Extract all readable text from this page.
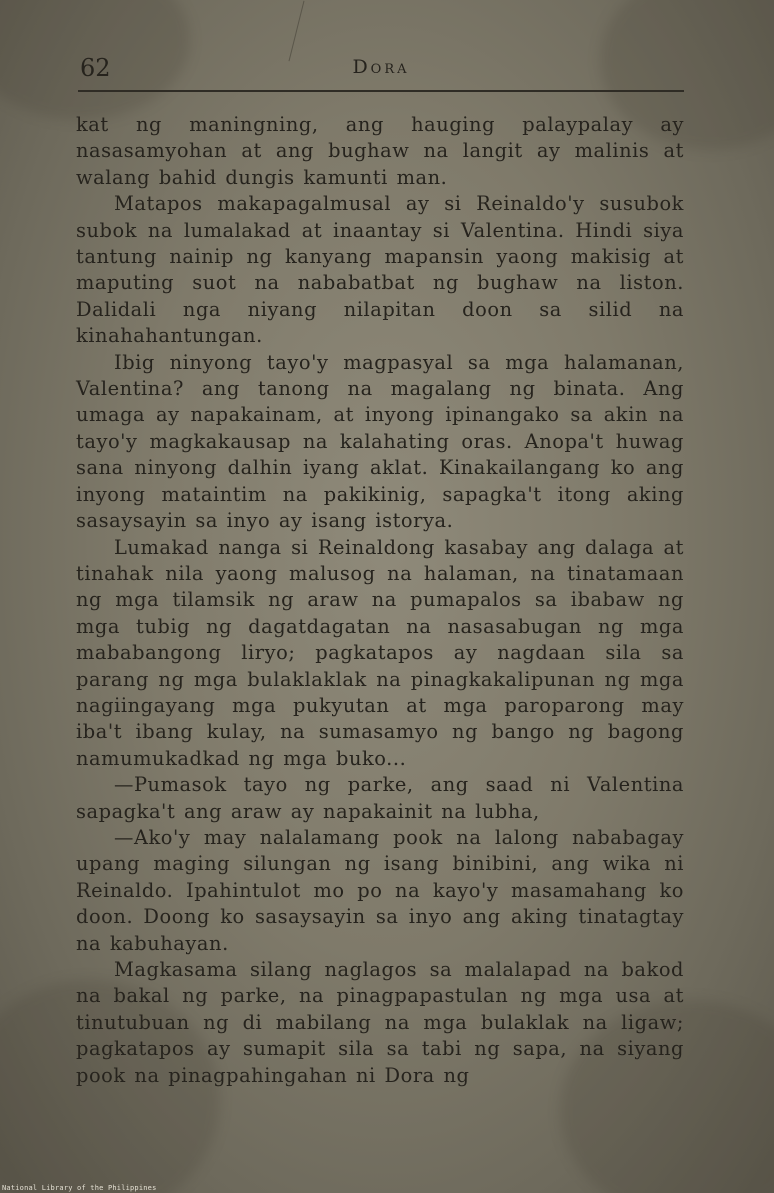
62	Dora

kat ng maningning, ang hauging palaypalay ay nasasamyohan at ang bughaw na langit ay malinis at walang bahid dungis kamunti man.

Matapos makapagalmusal ay si Reinaldo'y susubok subok na lumalakad at inaantay si Valentina. Hindi siya tantung nainip ng kanyang mapansin yaong makisig at maputing suot na nababatbat ng bughaw na liston. Dalidali nga niyang nilapitan doon sa silid na kinahahantungan.

Ibig ninyong tayo'y magpasyal sa mga halamanan, Valentina? ang tanong na magalang ng binata. Ang umaga ay napakainam, at inyong ipinangako sa akin na tayo'y magkakausap na kalahating oras. Anopa't huwag sana ninyong dalhin iyang aklat. Kinakailangang ko ang inyong mataintim na pakikinig, sapagka't itong aking sasaysayin sa inyo ay isang istorya.

Lumakad nanga si Reinaldong kasabay ang dalaga at tinahak nila yaong malusog na halaman, na tinatamaan ng mga tilamsik ng araw na pumapalos sa ibabaw ng mga tubig ng dagatdagatan na nasasabugan ng mga mababangong liryo; pagkatapos ay nagdaan sila sa parang ng mga bulaklaklak na pinagkakalipunan ng mga nagiingayang mga pukyutan at mga paroparong may iba't ibang kulay, na sumasamyo ng bango ng bagong namumukadkad ng mga buko...

—Pumasok tayo ng parke, ang saad ni Valentina sapagka't ang araw ay napakainit na lubha,

—Ako'y may nalalamang pook na lalong nababagay upang maging silungan ng isang binibini, ang wika ni Reinaldo. Ipahintulot mo po na kayo'y masamahang ko doon. Doong ko sasaysayin sa inyo ang aking tinatagtay na kabuhayan.

Magkasama silang naglagos sa malalapad na bakod na bakal ng parke, na pinagpapastulan ng mga usa at tinutubuan ng di mabilang na mga bulaklak na ligaw; pagkatapos ay sumapit sila sa tabi ng sapa, na siyang pook na pinagpahingahan ni Dora ng

National Library of the Philippines
